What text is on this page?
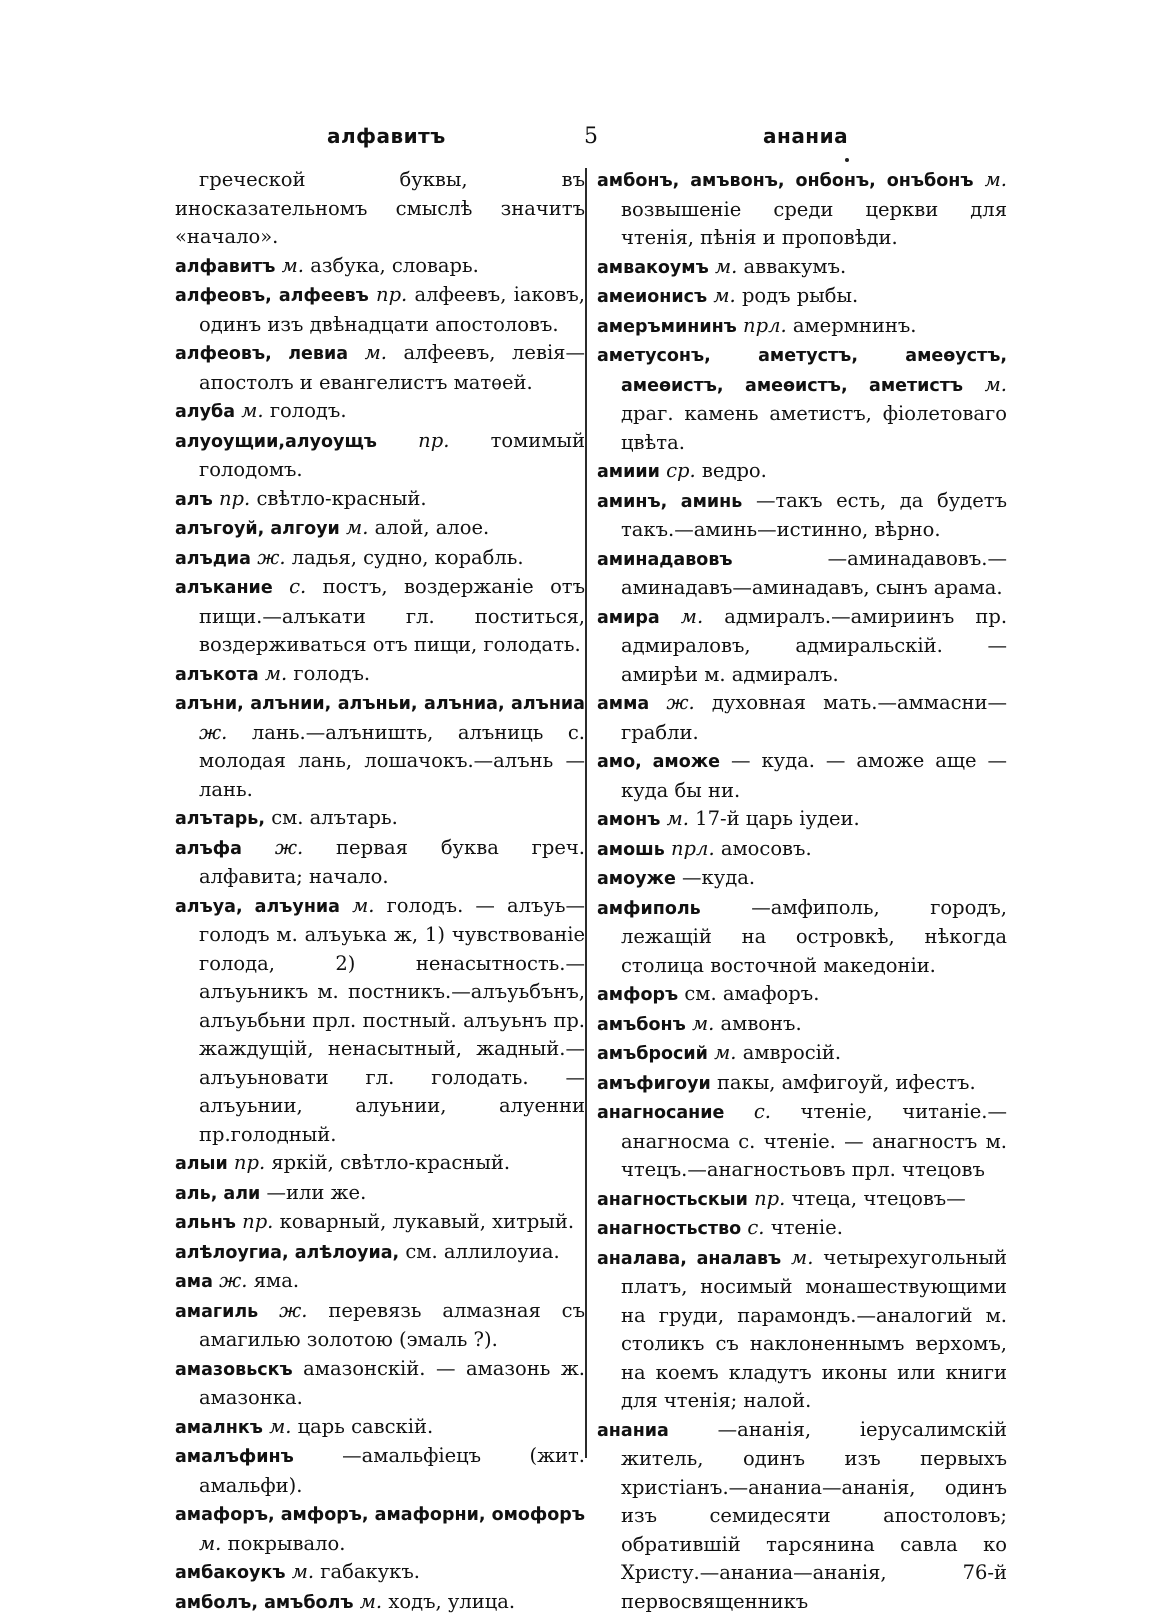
алфавитъ	5	ананиа

греческой буквы, въ иносказательномъ смыслѣ значитъ «начало».

алфавитъ м. азбука, словарь.

алфеовъ, алфеевъ пр. алфеевъ, іаковъ, одинъ изъ двѣнадцати апостоловъ.

алфеовъ, левиа м. алфеевъ, левія— апостолъ и евангелистъ матѳей.

алуба м. голодъ.

алуоущии,алуоущъ пр. томимый голодомъ.

алъ пр. свѣтло-красный.

алъгоуй, алгоуи м. алой, алое.

алъдиа ж. ладья, судно, корабль.

алъкание с. постъ, воздержаніе отъ пищи.—алъкати гл. поститься, воздерживаться отъ пищи, голодать.

алъкота м. голодъ.

алъни, алънии, алъньи, алъниа, алъниа ж. лань.—алъништь, алъниць с. молодая лань, лошачокъ.—алънь —лань.

алътарь, см. алътарь.

алъфа ж. первая буква греч. алфавита; начало.

алъуа, алъуниа м. голодъ. — алъуь— голодъ м. алъуька ж, 1) чувствованіе голода, 2) ненасытность.—алъуьникъ м. постникъ.—алъуьбънъ, алъуьбьни прл. постный. алъуьнъ пр. жаждущій, ненасытный, жадный.— алъуьновати гл. голодать. — алъуьнии, алуьнии, алуенни пр.голодный.

алыи пр. яркій, свѣтло-красный.

аль, али —или же.

альнъ пр. коварный, лукавый, хитрый.

алѣлоугиа, алѣлоуиа, см. аллилоуиа.

ама ж. яма.

амагиль ж. перевязь алмазная съ амагилью золотою (эмаль ?).

амазовьскъ амазонскій. — амазонь ж. амазонка.

амалнкъ м. царь савскій.

амалъфинъ —амальфіецъ (жит. амальфи).

амафоръ, амфоръ, амафорни, омофоръ м. покрывало.

амбакоукъ м. габакукъ.

амболъ, амъболъ м. ходъ, улица.

амбонъ, амъвонъ, онбонъ, онъбонъ м. возвышеніе среди церкви для чтенія, пѣнія и проповѣди.

амвакоумъ м. аввакумъ.

амеионисъ м. родъ рыбы.

амеръмининъ прл. амермнинъ.

аметусонъ, аметустъ, амеѳустъ, амеѳистъ, амеѳистъ, аметистъ м. драг. камень аметистъ, фіолетоваго цвѣта.

амиии ср. ведро.

аминъ, аминь —такъ есть, да будетъ такъ.—аминь—истинно, вѣрно.

аминадавовъ	—аминадавовъ.—аминадавъ—аминадавъ, сынъ арама.

амира м. адмиралъ.—амириинъ пр. адмираловъ, адмиральскій. — амирѣи м. адмиралъ.

амма ж. духовная мать.—аммасни— грабли.

амо, аможе — куда. — аможе аще — куда бы ни.

амонъ м. 17-й царь іудеи.

амошь прл. амосовъ.

амоуже —куда.

амфиполь	—амфиполь, городъ, лежащій на островкѣ, нѣкогда столица восточной македоніи.

амфоръ см. амафоръ.

амъбонъ м. амвонъ.

амъбросий м. амвросій.

амъфигоуи пакы, амфигоуй, ифестъ.

анагносание с. чтеніе, читаніе.—анагносма с. чтеніе. — анагностъ м. чтецъ.—анагностьовъ прл. чтецовъ

анагностьскыи пр. чтеца, чтецовъ—

анагностьство с. чтеніе.

аналава, аналавъ м. четырехугольный платъ, носимый монашествующими на груди, парамондъ.—аналогий м. столикъ съ наклоненнымъ верхомъ, на коемъ кладутъ иконы или книги для чтенія; налой.

ананиа —ананія, іерусалимскій житель, одинъ изъ первыхъ христіанъ.—ананиа—ананія, одинъ изъ семидесяти апостоловъ; обратившій тарсянина савла ко Христу.—ананиа—ананія, 76-й первосвященникъ
